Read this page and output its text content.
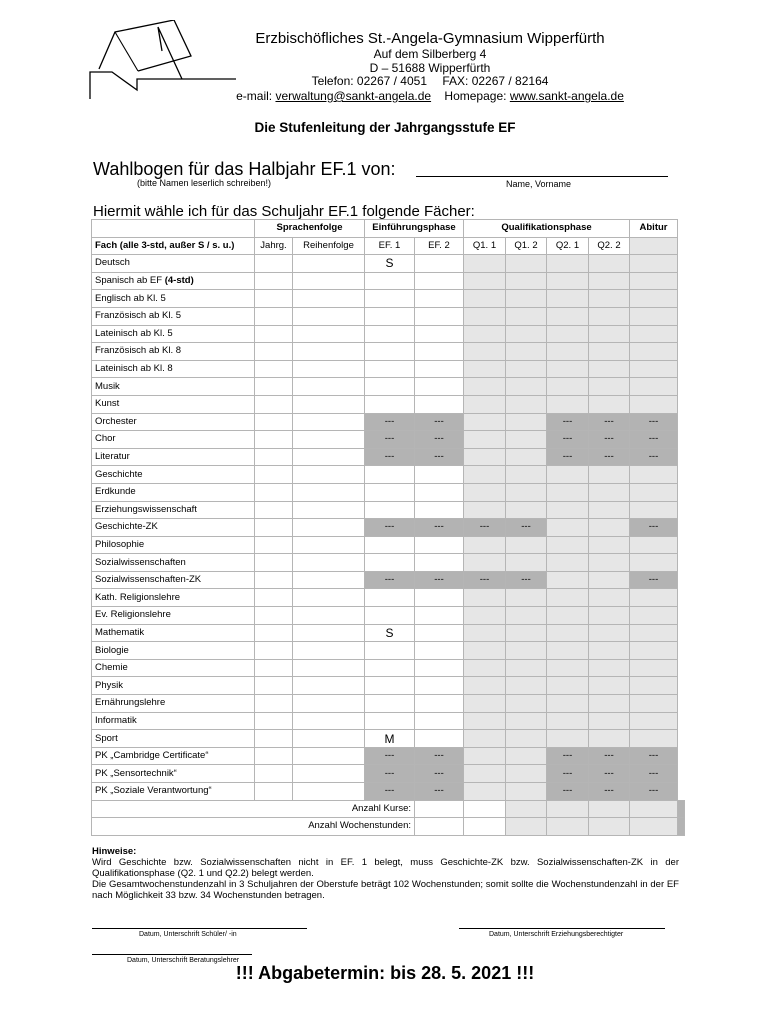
Erzbischöfliches St.-Angela-Gymnasium Wipperfürth
Auf dem Silberberg 4
D – 51688 Wipperfürth
Telefon: 02267 / 4051 FAX: 02267 / 82164
e-mail: verwaltung@sankt-angela.de Homepage: www.sankt-angela.de
Die Stufenleitung der Jahrgangsstufe EF
Wahlbogen für das Halbjahr EF.1 von:
(bitte Namen leserlich schreiben!)	Name, Vorname
Hiermit wähle ich für das Schuljahr EF.1 folgende Fächer:
	Sprachenfolge		Einführungsphase		Qualifikationsphase				Abitur	
Fach (alle 3-std, außer S / s. u.)	Jahrg.	Reihenfolge	EF. 1	EF. 2	Q1. 1	Q1. 2	Q2. 1	Q2. 2		
Deutsch			S							
Spanisch ab EF (4-std)										
Englisch ab Kl. 5										
Französisch ab Kl. 5										
Lateinisch ab Kl. 5										
Französisch ab Kl. 8										
Lateinisch ab Kl. 8										
Musik										
Kunst										
Orchester			---	---			---	---	---	
Chor			---	---			---	---	---	
Literatur			---	---			---	---	---	
Geschichte										
Erdkunde										
Erziehungswissenschaft										
Geschichte-ZK			---	---	---	---			---	
Philosophie										
Sozialwissenschaften										
Sozialwissenschaften-ZK			---	---	---	---			---	
Kath. Religionslehre										
Ev. Religionslehre										
Mathematik			S							
Biologie										
Chemie										
Physik										
Ernährungslehre										
Informatik										
Sport			M							
PK „Cambridge Certificate“			---	---			---	---	---	
PK „Sensortechnik“			---	---			---	---	---	
PK „Soziale Verantwortung“			---	---			---	---	---	
Anzahl Kurse:										
Anzahl Wochenstunden:										
Hinweise:
Wird Geschichte bzw. Sozialwissenschaften nicht in EF. 1 belegt, muss Geschichte-ZK bzw. Sozialwissenschaften-ZK in der Qualifikationsphase (Q2. 1 und Q2.2) belegt werden.
Die Gesamtwochenstundenzahl in 3 Schuljahren der Oberstufe beträgt 102 Wochenstunden; somit sollte die Wochenstundenzahl in der EF nach Möglichkeit 33 bzw. 34 Wochenstunden betragen.
Datum, Unterschrift Schüler/ -in	Datum, Unterschrift Erziehungsberechtigter
Datum, Unterschrift Beratungslehrer
!!! Abgabetermin: bis 28. 5. 2021 !!!
